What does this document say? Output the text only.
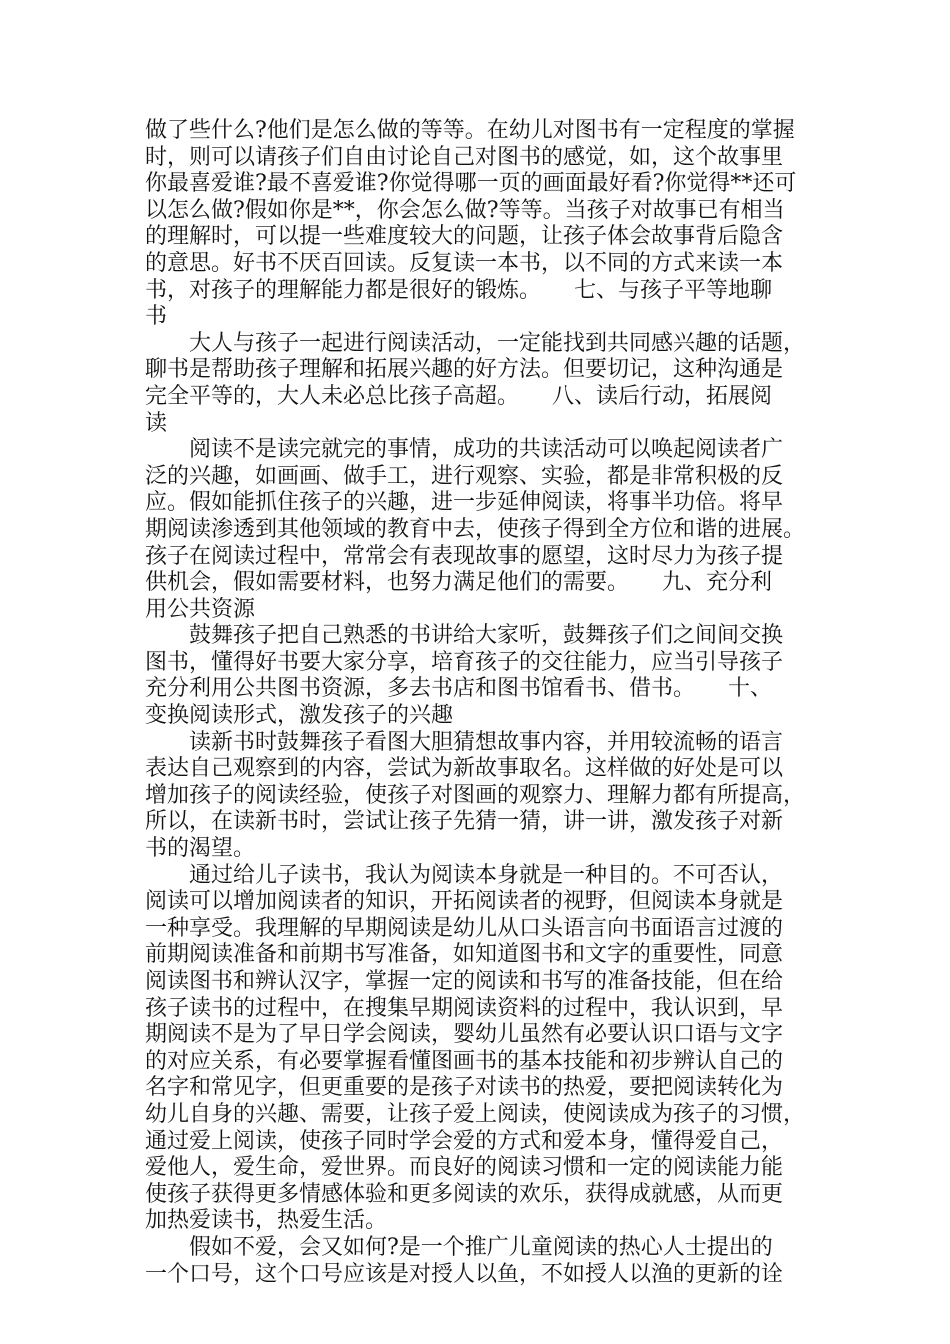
做了些什么?他们是怎么做的等等。在幼儿对图书有一定程度的掌握
时，则可以请孩子们自由讨论自己对图书的感觉，如，这个故事里
你最喜爱谁?最不喜爱谁?你觉得哪一页的画面最好看?你觉得**还可
以怎么做?假如你是**，你会怎么做?等等。当孩子对故事已有相当
的理解时，可以提一些难度较大的问题，让孩子体会故事背后隐含
的意思。好书不厌百回读。反复读一本书，以不同的方式来读一本
书，对孩子的理解能力都是很好的锻炼。　　七、与孩子平等地聊
书
　　大人与孩子一起进行阅读活动，一定能找到共同感兴趣的话题，
聊书是帮助孩子理解和拓展兴趣的好方法。但要切记，这种沟通是
完全平等的，大人未必总比孩子高超。　　八、读后行动，拓展阅
读
　　阅读不是读完就完的事情，成功的共读活动可以唤起阅读者广
泛的兴趣，如画画、做手工，进行观察、实验，都是非常积极的反
应。假如能抓住孩子的兴趣，进一步延伸阅读，将事半功倍。将早
期阅读渗透到其他领域的教育中去，使孩子得到全方位和谐的进展。
孩子在阅读过程中，常常会有表现故事的愿望，这时尽力为孩子提
供机会，假如需要材料，也努力满足他们的需要。　　九、充分利
用公共资源
　　鼓舞孩子把自己熟悉的书讲给大家听，鼓舞孩子们之间间交换
图书，懂得好书要大家分享，培育孩子的交往能力，应当引导孩子
充分利用公共图书资源，多去书店和图书馆看书、借书。　　十、
变换阅读形式，激发孩子的兴趣
　　读新书时鼓舞孩子看图大胆猜想故事内容，并用较流畅的语言
表达自己观察到的内容，尝试为新故事取名。这样做的好处是可以
增加孩子的阅读经验，使孩子对图画的观察力、理解力都有所提高，
所以，在读新书时，尝试让孩子先猜一猜，讲一讲，激发孩子对新
书的渴望。
　　通过给儿子读书，我认为阅读本身就是一种目的。不可否认，
阅读可以增加阅读者的知识，开拓阅读者的视野，但阅读本身就是
一种享受。我理解的早期阅读是幼儿从口头语言向书面语言过渡的
前期阅读准备和前期书写准备，如知道图书和文字的重要性，同意
阅读图书和辨认汉字，掌握一定的阅读和书写的准备技能，但在给
孩子读书的过程中，在搜集早期阅读资料的过程中，我认识到，早
期阅读不是为了早日学会阅读，婴幼儿虽然有必要认识口语与文字
的对应关系，有必要掌握看懂图画书的基本技能和初步辨认自己的
名字和常见字，但更重要的是孩子对读书的热爱，要把阅读转化为
幼儿自身的兴趣、需要，让孩子爱上阅读，使阅读成为孩子的习惯，
通过爱上阅读，使孩子同时学会爱的方式和爱本身，懂得爱自己，
爱他人，爱生命，爱世界。而良好的阅读习惯和一定的阅读能力能
使孩子获得更多情感体验和更多阅读的欢乐，获得成就感，从而更
加热爱读书，热爱生活。
　　假如不爱，会又如何?是一个推广儿童阅读的热心人士提出的
一个口号，这个口号应该是对授人以鱼，不如授人以渔的更新的诠
